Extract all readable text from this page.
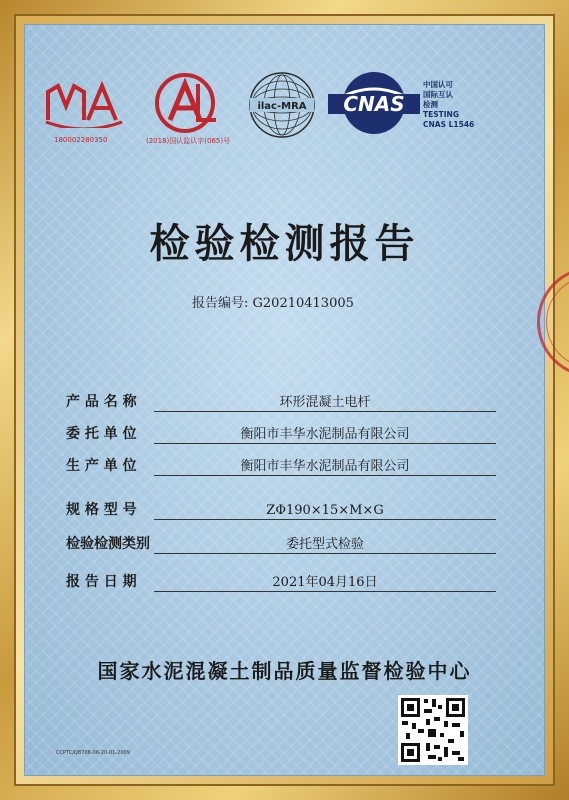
180002280350	(2018)国认监认字(065)号
ilac-MRA CNAS
中国认可
国际互认
检测
TESTING
CNAS L1546
检验检测报告
报告编号: G20210413005
产 品 名 称	环形混凝土电杆
委 托 单 位	衡阳市丰华水泥制品有限公司
生 产 单 位	衡阳市丰华水泥制品有限公司
规 格 型 号	ZΦ190×15×M×G
检验检测类别	委托型式检验
报 告 日 期	2021年04月16日
国家水泥混凝土制品质量监督检验中心
CCPTC/QB708-06-20-01-2009
